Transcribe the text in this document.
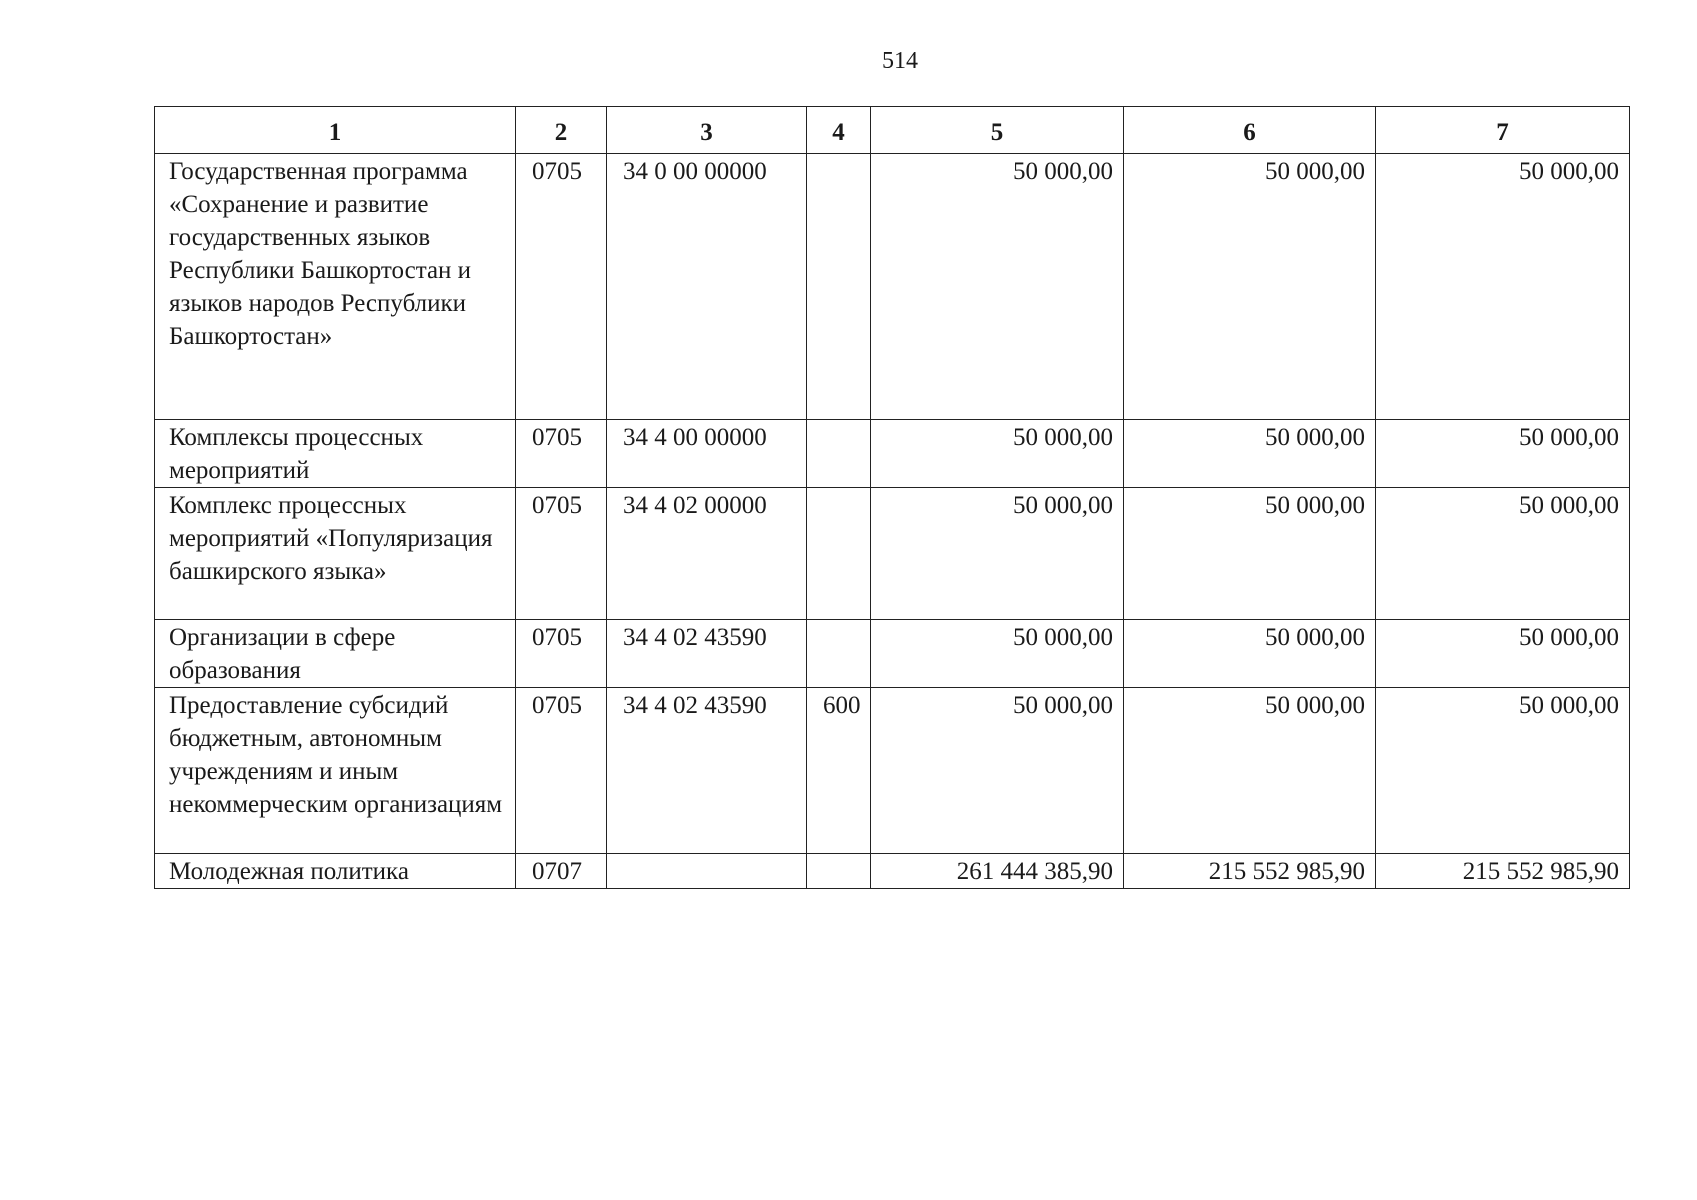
514
1	2	3	4	5	6	7
Государственная программа «Сохранение и развитие государственных языков Республики Башкортостан и языков народов Республики Башкортостан»	0705	34 0 00 00000		50 000,00	50 000,00	50 000,00
Комплексы процессных мероприятий	0705	34 4 00 00000		50 000,00	50 000,00	50 000,00
Комплекс процессных мероприятий «Популяризация башкирского языка»	0705	34 4 02 00000		50 000,00	50 000,00	50 000,00
Организации в сфере образования	0705	34 4 02 43590		50 000,00	50 000,00	50 000,00
Предоставление субсидий бюджетным, автономным учреждениям и иным некоммерческим организациям	0705	34 4 02 43590	600	50 000,00	50 000,00	50 000,00
Молодежная политика	0707			261 444 385,90	215 552 985,90	215 552 985,90
